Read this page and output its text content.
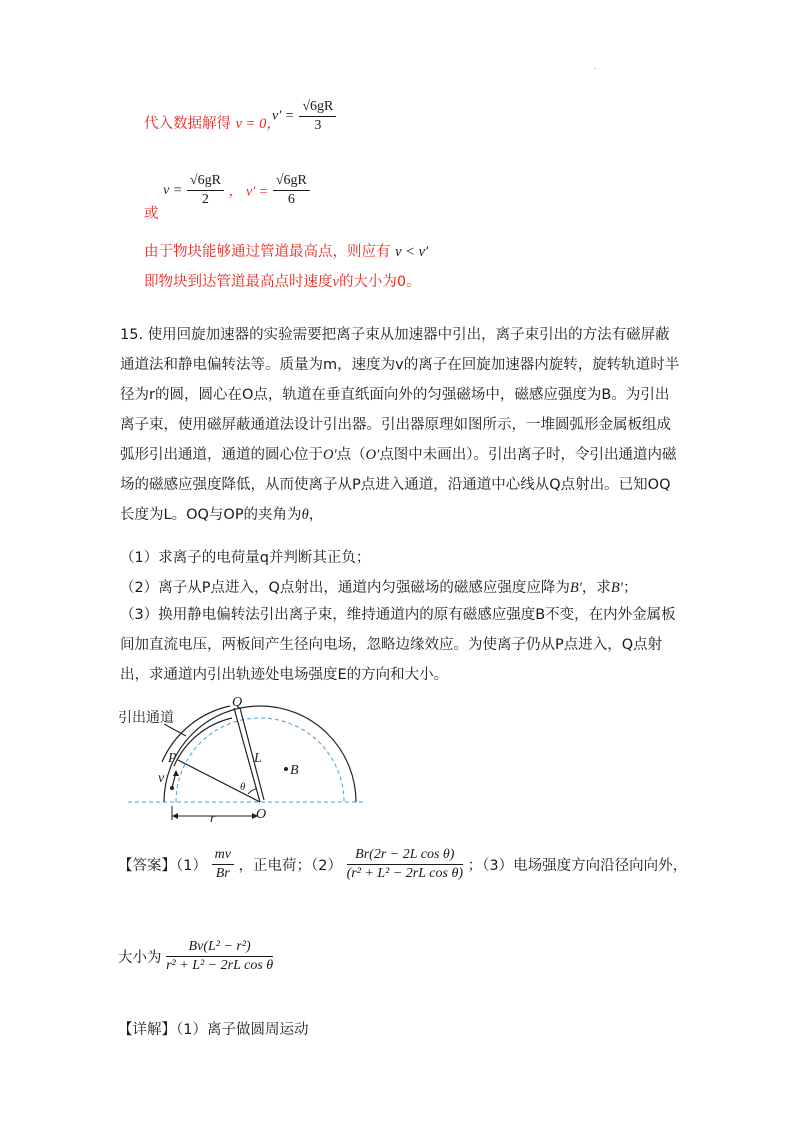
.
代入数据解得 v = 0，
$v' = \frac{√6gR}{3}$
或 $v = \frac{√6gR}{2}$ ， $v' = \frac{√6gR}{6}$
由于物块能够通过管道最高点，则应有 v < v′
即物块到达管道最高点时速度v的大小为0。
15. 使用回旋加速器的实验需要把离子束从加速器中引出，离子束引出的方法有磁屏蔽通道法和静电偏转法等。质量为m，速度为v的离子在回旋加速器内旋转，旋转轨道时半径为r的圆，圆心在O点，轨道在垂直纸面向外的匀强磁场中，磁感应强度为B。为引出离子束，使用磁屏蔽通道法设计引出器。引出器原理如图所示，一堆圆弧形金属板组成弧形引出通道，通道的圆心位于O′点（O′点图中未画出）。引出离子时，令引出通道内磁场的磁感应强度降低，从而使离子从P点进入通道，沿通道中心线从Q点射出。已知OQ长度为L。OQ与OP的夹角为θ，
（1）求离子的电荷量q并判断其正负；
（2）离子从P点进入，Q点射出，通道内匀强磁场的磁感应强度应降为B′，求B′；
（3）换用静电偏转法引出离子束，维持通道内的原有磁感应强度B不变，在内外金属板间加直流电压，两板间产生径向电场，忽略边缘效应。为使离子仍从P点进入，Q点射出，求通道内引出轨迹处电场强度E的方向和大小。
引出通道
Q
P
v
L
B
θ
O
r
【答案】$(1) \frac{mv}{Br}$ ，正电荷；$(2) \frac{\text{Br(2r − 2L cos θ)}}{\text{(r² + L² − 2rL cos θ)}}$ ；（3）电场强度方向沿径向向外，
大小为 $\frac{\text{Bv(L² − r²)}}{\text{r² + L² − 2rL cos θ}}$
【详解】（1）离子做圆周运动
